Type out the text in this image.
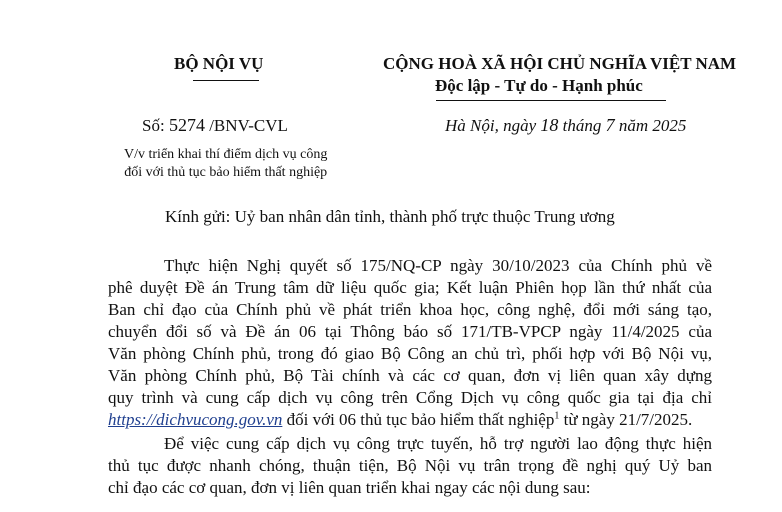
BỘ NỘI VỤ	CỘNG HOÀ XÃ HỘI CHỦ NGHĨA VIỆT NAM
Độc lập - Tự do - Hạnh phúc
Số: 5274 /BNV-CVL	Hà Nội, ngày 18 tháng 7 năm 2025
V/v triển khai thí điểm dịch vụ công
đối với thủ tục bảo hiểm thất nghiệp
Kính gửi: Uỷ ban nhân dân tỉnh, thành phố trực thuộc Trung ương
Thực hiện Nghị quyết số 175/NQ-CP ngày 30/10/2023 của Chính phủ về
phê duyệt Đề án Trung tâm dữ liệu quốc gia; Kết luận Phiên họp lần thứ nhất của
Ban chỉ đạo của Chính phủ về phát triển khoa học, công nghệ, đổi mới sáng tạo,
chuyển đổi số và Đề án 06 tại Thông báo số 171/TB-VPCP ngày 11/4/2025 của
Văn phòng Chính phủ, trong đó giao Bộ Công an chủ trì, phối hợp với Bộ Nội vụ,
Văn phòng Chính phủ, Bộ Tài chính và các cơ quan, đơn vị liên quan xây dựng
quy trình và cung cấp dịch vụ công trên Cổng Dịch vụ công quốc gia tại địa chỉ
https://dichvucong.gov.vn đối với 06 thủ tục bảo hiểm thất nghiệp$^1$ từ ngày 21/7/2025.
Để việc cung cấp dịch vụ công trực tuyến, hỗ trợ người lao động thực hiện
thủ tục được nhanh chóng, thuận tiện, Bộ Nội vụ trân trọng đề nghị quý Uỷ ban
chỉ đạo các cơ quan, đơn vị liên quan triển khai ngay các nội dung sau:
